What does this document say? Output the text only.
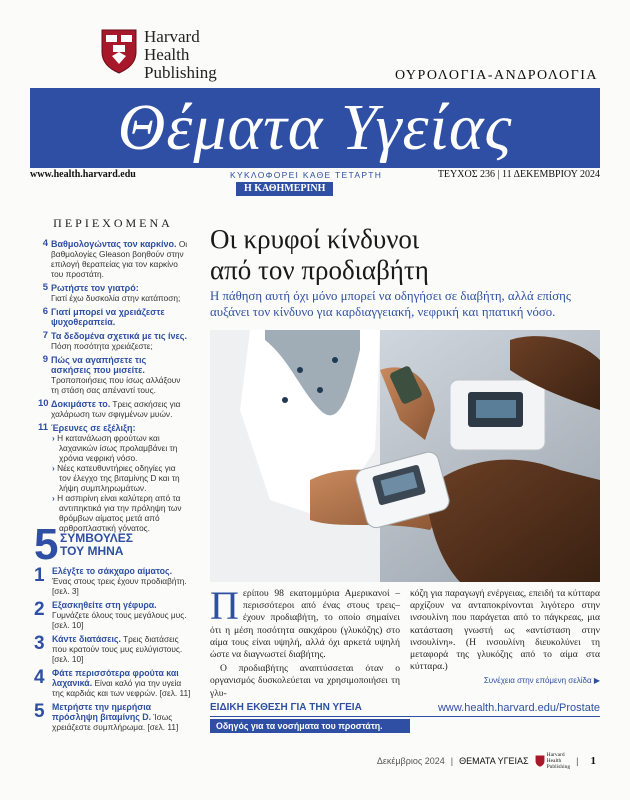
Harvard
Health
Publishing	ΟΥΡΟΛΟΓΙΑ-ΑΝΔΡΟΛΟΓΙΑ
Θέματα Υγείας
www.health.harvard.edu	ΚΥΚΛΟΦΟΡΕΙ ΚΑΘΕ ΤΕΤΑΡΤΗ	ΤΕΥΧΟΣ 236 | 11 ΔΕΚΕΜΒΡΙΟΥ 2024
Η ΚΑΘΗΜΕΡΙΝΗ
ΠΕΡΙΕΧΟΜΕΝΑ
4 Βαθμολογώντας τον καρκίνο. Οι βαθμολογίες Gleason βοηθούν στην επιλογή θεραπείας για τον καρκίνο του προστάτη.
5 Ρωτήστε τον γιατρό:
Γιατί έχω δυσκολία στην κατάποση;
6 Γιατί μπορεί να χρειάζεστε ψυχοθεραπεία.
7 Τα δεδομένα σχετικά με τις ίνες.
Πόση ποσότητα χρειάζεστε;
9 Πώς να αγαπήσετε τις ασκήσεις που μισείτε. Τροποποιήσεις που ίσως αλλάξουν τη στάση σας απέναντί τους.
10 Δοκιμάστε το. Τρεις ασκήσεις για χαλάρωση των σφιγμένων μυών.
11 Έρευνες σε εξέλιξη:
› Η κατανάλωση φρούτων και λαχανικών ίσως προλαμβάνει τη χρόνια νεφρική νόσο.
› Νέες κατευθυντήριες οδηγίες για τον έλεγχο της βιταμίνης D και τη λήψη συμπληρωμάτων.
› Η ασπιρίνη είναι καλύτερη από τα αντιπηκτικά για την πρόληψη των θρόμβων αίματος μετά από αρθροπλαστική γόνατος.
5 ΣΥΜΒΟΥΛΕΣ
ΤΟΥ ΜΗΝΑ
1 Ελέγξτε το σάκχαρο αίματος.
Ένας στους τρεις έχουν προδιαβήτη. [σελ. 3]
2 Εξασκηθείτε στη γέφυρα.
Γυμνάζετε όλους τους μεγάλους μυς. [σελ. 10]
3 Κάντε διατάσεις. Τρεις διατάσεις που κρατούν τους μυς ευλύγιστους. [σελ. 10]
4 Φάτε περισσότερα φρούτα και λαχανικά. Είναι καλό για την υγεία της καρδιάς και των νεφρών. [σελ. 11]
5 Μετρήστε την ημερήσια πρόσληψη βιταμίνης D. Ίσως χρειάζεστε συμπλήρωμα. [σελ. 11]
Οι κρυφοί κίνδυνοι
από τον προδιαβήτη
Η πάθηση αυτή όχι μόνο μπορεί να οδηγήσει σε διαβήτη, αλλά επίσης αυξάνει τον κίνδυνο για καρδιαγγειακή, νεφρική και ηπατική νόσο.

Περίπου 98 εκατομμύρια Αμερικανοί –περισσότεροι από ένας στους τρεις– έχουν προδιαβήτη, το οποίο σημαίνει ότι η μέση ποσότητα σακχάρου (γλυκόζης) στο αίμα τους είναι υψηλή, αλλά όχι αρκετά υψηλή ώστε να διαγνωστεί διαβήτης.

Ο προδιαβήτης αναπτύσσεται όταν ο οργανισμός δυσκολεύεται να χρησιμοποιήσει τη γλυ-

κόζη για παραγωγή ενέργειας, επειδή τα κύτταρα αρχίζουν να ανταποκρίνονται λιγότερο στην ινσουλίνη που παράγεται από το πάγκρεας, μια κατάσταση γνωστή ως «αντίσταση στην ινσουλίνη». (Η ινσουλίνη διευκολύνει τη μεταφορά της γλυκόζης από το αίμα στα κύτταρα.)

Συνέχεια στην επόμενη σελίδα ▶
ΕΙΔΙΚΗ ΕΚΘΕΣΗ ΓΙΑ ΤΗΝ ΥΓΕΙΑ	www.health.harvard.edu/Prostate
Οδηγός για τα νοσήματα του προστάτη.
Δεκέμβριος 2024 | ΘΕΜΑΤΑ ΥΓΕΙΑΣ
Harvard
Health
Publishing
| 1
